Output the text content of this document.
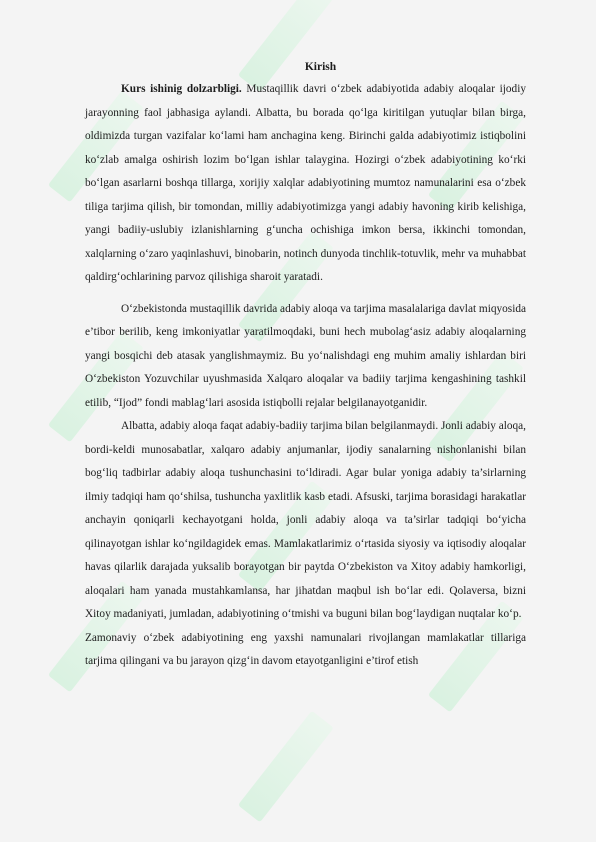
Kirish

Kurs ishinig dolzarbligi. Mustaqillik davri o‘zbek adabiyotida adabiy aloqalar ijodiy jarayonning faol jabhasiga aylandi. Albatta, bu borada qo‘lga kiritilgan yutuqlar bilan birga, oldimizda turgan vazifalar ko‘lami ham anchagina keng. Birinchi galda adabiyotimiz istiqbolini ko‘zlab amalga oshirish lozim bo‘lgan ishlar talaygina. Hozirgi o‘zbek adabiyotining ko‘rki bo‘lgan asarlarni boshqa tillarga, xorijiy xalqlar adabiyotining mumtoz namunalarini esa o‘zbek tiliga tarjima qilish, bir tomondan, milliy adabiyotimizga yangi adabiy havoning kirib kelishiga, yangi badiiy-uslubiy izlanishlarning g‘uncha ochishiga imkon bersa, ikkinchi tomondan, xalqlarning o‘zaro yaqinlashuvi, binobarin, notinch dunyoda tinchlik-totuvlik, mehr va muhabbat qaldirg‘ochlarining parvoz qilishiga sharoit yaratadi.

O‘zbekistonda mustaqillik davrida adabiy aloqa va tarjima masalalariga davlat miqyosida e’tibor berilib, keng imkoniyatlar yaratilmoqdaki, buni hech mubolag‘asiz adabiy aloqalarning yangi bosqichi deb atasak yanglishmaymiz. Bu yo‘nalishdagi eng muhim amaliy ishlardan biri O‘zbekiston Yozuvchilar uyushmasida Xalqaro aloqalar va badiiy tarjima kengashining tashkil etilib, “Ijod” fondi mablag‘lari asosida istiqbolli rejalar belgilanayotganidir.

Albatta, adabiy aloqa faqat adabiy-badiiy tarjima bilan belgilanmaydi. Jonli adabiy aloqa, bordi-keldi munosabatlar, xalqaro adabiy anjumanlar, ijodiy sanalarning nishonlanishi bilan bog‘liq tadbirlar adabiy aloqa tushunchasini to‘ldiradi. Agar bular yoniga adabiy ta’sirlarning ilmiy tadqiqi ham qo‘shilsa, tushuncha yaxlitlik kasb etadi. Afsuski, tarjima borasidagi harakatlar anchayin qoniqarli kechayotgani holda, jonli adabiy aloqa va ta’sirlar tadqiqi bo‘yicha qilinayotgan ishlar ko‘ngildagidek emas. Mamlakatlarimiz o‘rtasida siyosiy va iqtisodiy aloqalar havas qilarlik darajada yuksalib borayotgan bir paytda O‘zbekiston va Xitoy adabiy hamkorligi, aloqalari ham yanada mustahkamlansa, har jihatdan maqbul ish bo‘lar edi. Qolaversa, bizni Xitoy madaniyati, jumladan, adabiyotining o‘tmishi va buguni bilan bog‘laydigan nuqtalar ko‘p.

Zamonaviy o‘zbek adabiyotining eng yaxshi namunalari rivojlangan mamlakatlar tillariga tarjima qilingani va bu jarayon qizg‘in davom etayotganligini e’tirof etish
